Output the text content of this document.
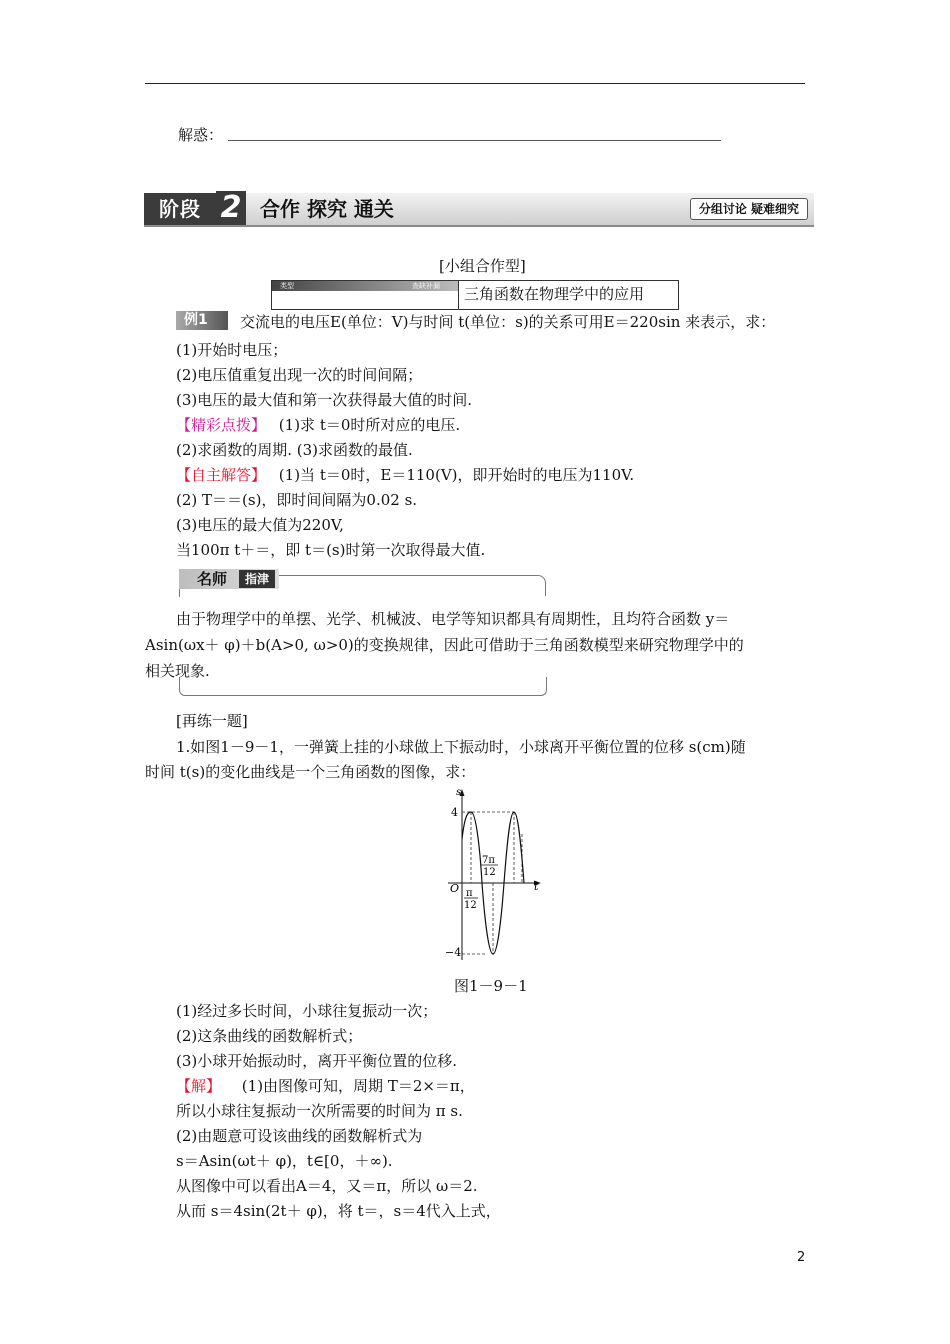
解惑：
阶段 2 合作 探究 通关	分组讨论 疑难细究
[小组合作型]
类型	查缺补漏 三角函数在物理学中的应用
例1	交流电的电压E(单位：V)与时间 t(单位：s)的关系可用E＝220sin 来表示，求：
(1)开始时电压；
(2)电压值重复出现一次的时间间隔；
(3)电压的最大值和第一次获得最大值的时间.
【精彩点拨】 (1)求 t＝0时所对应的电压.
(2)求函数的周期. (3)求函数的最值.
【自主解答】 (1)当 t＝0时，E＝110(V)，即开始时的电压为110V.
(2) T＝＝(s)，即时间间隔为0.02 s.
(3)电压的最大值为220V,
当100π t＋＝，即 t＝(s)时第一次取得最大值.
名师	指津
由于物理学中的单摆、光学、机械波、电学等知识都具有周期性，且均符合函数 y＝
Asin(ωx＋ φ)＋b(A>0, ω>0)的变换规律，因此可借助于三角函数模型来研究物理学中的
相关现象.
[再练一题]
1.如图1－9－1，一弹簧上挂的小球做上下振动时，小球离开平衡位置的位移 s(cm)随
时间 t(s)的变化曲线是一个三角函数的图像，求：
s
t
O
4
−4
π
12
7π
12
图1－9－1
(1)经过多长时间，小球往复振动一次；
(2)这条曲线的函数解析式；
(3)小球开始振动时，离开平衡位置的位移.
【解】 (1)由图像可知，周期 T＝2×＝π，
所以小球往复振动一次所需要的时间为 π s.
(2)由题意可设该曲线的函数解析式为
s＝Asin(ωt＋ φ)，t∈[0，＋∞).
从图像中可以看出A＝4，又＝π，所以 ω＝2.
从而 s＝4sin(2t＋ φ)，将 t＝，s＝4代入上式，
2
